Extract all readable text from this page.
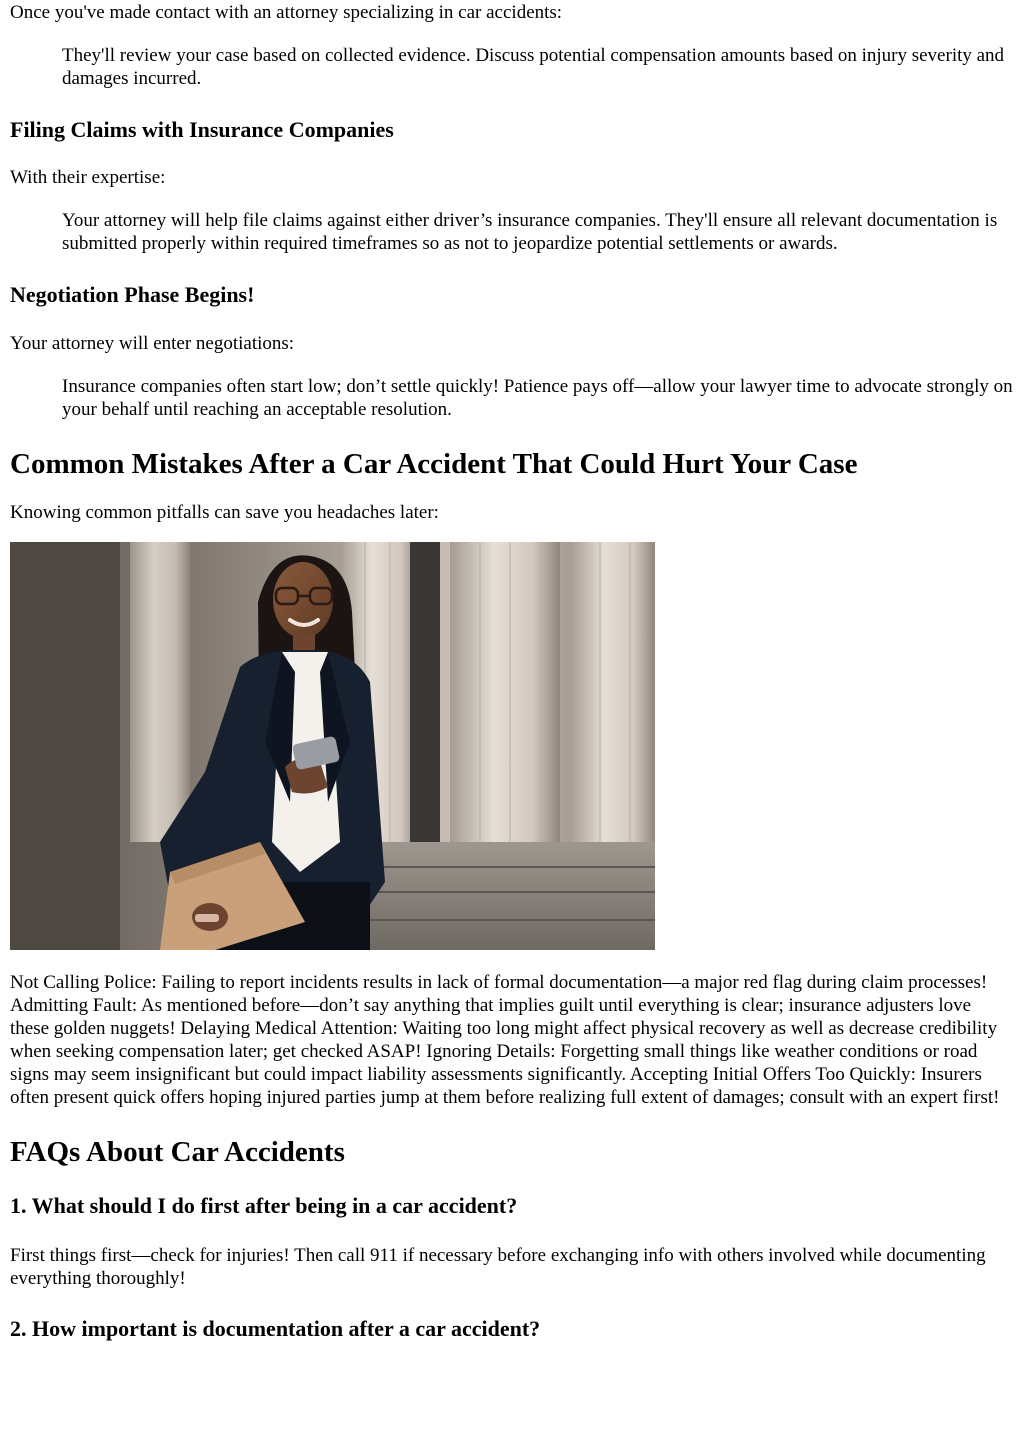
Once you've made contact with an attorney specializing in car accidents:

They'll review your case based on collected evidence. Discuss potential compensation amounts based on injury severity and damages incurred.

Filing Claims with Insurance Companies

With their expertise:

Your attorney will help file claims against either driver’s insurance companies. They'll ensure all relevant documentation is submitted properly within required timeframes so as not to jeopardize potential settlements or awards.

Negotiation Phase Begins!

Your attorney will enter negotiations:

Insurance companies often start low; don’t settle quickly! Patience pays off—allow your lawyer time to advocate strongly on your behalf until reaching an acceptable resolution.

Common Mistakes After a Car Accident That Could Hurt Your Case

Knowing common pitfalls can save you headaches later:

Not Calling Police: Failing to report incidents results in lack of formal documentation—a major red flag during claim processes! Admitting Fault: As mentioned before—don’t say anything that implies guilt until everything is clear; insurance adjusters love these golden nuggets! Delaying Medical Attention: Waiting too long might affect physical recovery as well as decrease credibility when seeking compensation later; get checked ASAP! Ignoring Details: Forgetting small things like weather conditions or road signs may seem insignificant but could impact liability assessments significantly. Accepting Initial Offers Too Quickly: Insurers often present quick offers hoping injured parties jump at them before realizing full extent of damages; consult with an expert first!

FAQs About Car Accidents
1. What should I do first after being in a car accident?

First things first—check for injuries! Then call 911 if necessary before exchanging info with others involved while documenting everything thoroughly!

2. How important is documentation after a car accident?
